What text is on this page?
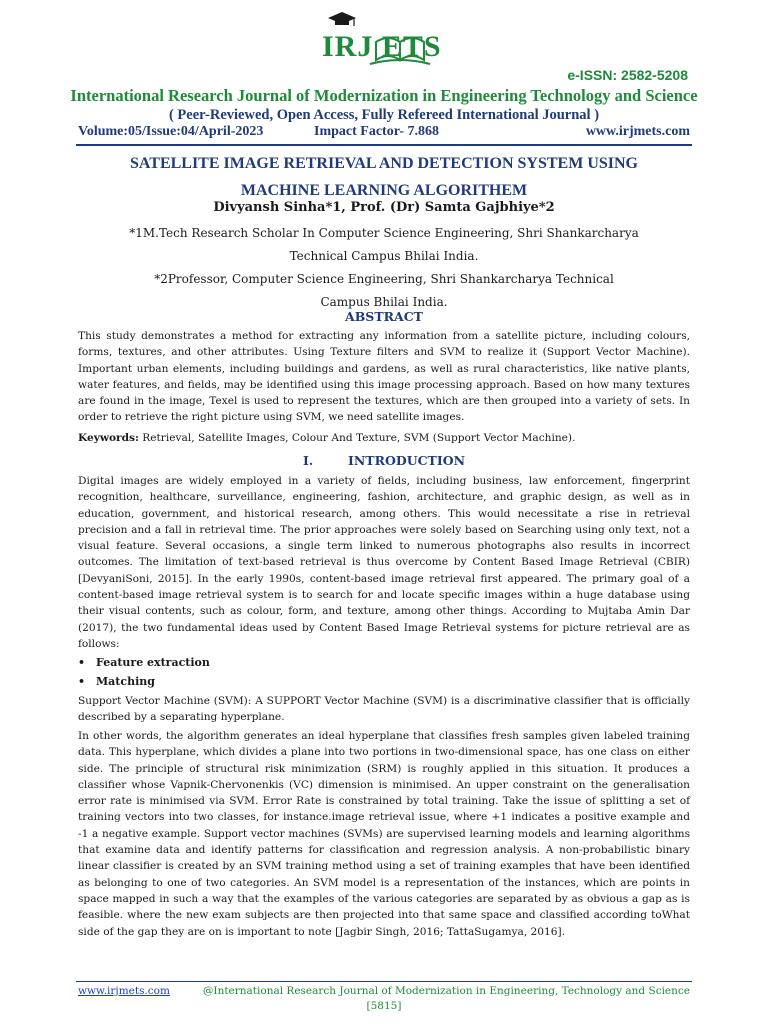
IRJ ETS
e-ISSN: 2582-5208
International Research Journal of Modernization in Engineering Technology and Science
( Peer-Reviewed, Open Access, Fully Refereed International Journal )
Volume:05/Issue:04/April-2023	Impact Factor- 7.868	www.irjmets.com
SATELLITE IMAGE RETRIEVAL AND DETECTION SYSTEM USING
MACHINE LEARNING ALGORITHEM
Divyansh Sinha*1, Prof. (Dr) Samta Gajbhiye*2
*1M.Tech Research Scholar In Computer Science Engineering, Shri Shankarcharya
Technical Campus Bhilai India.
*2Professor, Computer Science Engineering, Shri Shankarcharya Technical
Campus Bhilai India.
ABSTRACT

This study demonstrates a method for extracting any information from a satellite picture, including colours, forms, textures, and other attributes. Using Texture filters and SVM to realize it (Support Vector Machine). Important urban elements, including buildings and gardens, as well as rural characteristics, like native plants, water features, and fields, may be identified using this image processing approach. Based on how many textures are found in the image, Texel is used to represent the textures, which are then grouped into a variety of sets. In order to retrieve the right picture using SVM, we need satellite images.

Keywords: Retrieval, Satellite Images, Colour And Texture, SVM (Support Vector Machine).

I.        INTRODUCTION

Digital images are widely employed in a variety of fields, including business, law enforcement, fingerprint recognition, healthcare, surveillance, engineering, fashion, architecture, and graphic design, as well as in education, government, and historical research, among others. This would necessitate a rise in retrieval precision and a fall in retrieval time. The prior approaches were solely based on Searching using only text, not a visual feature. Several occasions, a single term linked to numerous photographs also results in incorrect outcomes. The limitation of text-based retrieval is thus overcome by Content Based Image Retrieval (CBIR) [DevyaniSoni, 2015]. In the early 1990s, content-based image retrieval first appeared. The primary goal of a content-based image retrieval system is to search for and locate specific images within a huge database using their visual contents, such as colour, form, and texture, among other things. According to Mujtaba Amin Dar (2017), the two fundamental ideas used by Content Based Image Retrieval systems for picture retrieval are as follows:

• Feature extraction
• Matching

Support Vector Machine (SVM): A SUPPORT Vector Machine (SVM) is a discriminative classifier that is officially described by a separating hyperplane.

In other words, the algorithm generates an ideal hyperplane that classifies fresh samples given labeled training data. This hyperplane, which divides a plane into two portions in two-dimensional space, has one class on either side. The principle of structural risk minimization (SRM) is roughly applied in this situation. It produces a classifier whose Vapnik-Chervonenkis (VC) dimension is minimised. An upper constraint on the generalisation error rate is minimised via SVM. Error Rate is constrained by total training. Take the issue of splitting a set of training vectors into two classes, for instance.image retrieval issue, where +1 indicates a positive example and -1 a negative example. Support vector machines (SVMs) are supervised learning models and learning algorithms that examine data and identify patterns for classification and regression analysis. A non-probabilistic binary linear classifier is created by an SVM training method using a set of training examples that have been identified as belonging to one of two categories. An SVM model is a representation of the instances, which are points in space mapped in such a way that the examples of the various categories are separated by as obvious a gap as is feasible. where the new exam subjects are then projected into that same space and classified according toWhat side of the gap they are on is important to note [Jagbir Singh, 2016; TattaSugamya, 2016].

www.irjmets.com	@International Research Journal of Modernization in Engineering, Technology and Science
[5815]
